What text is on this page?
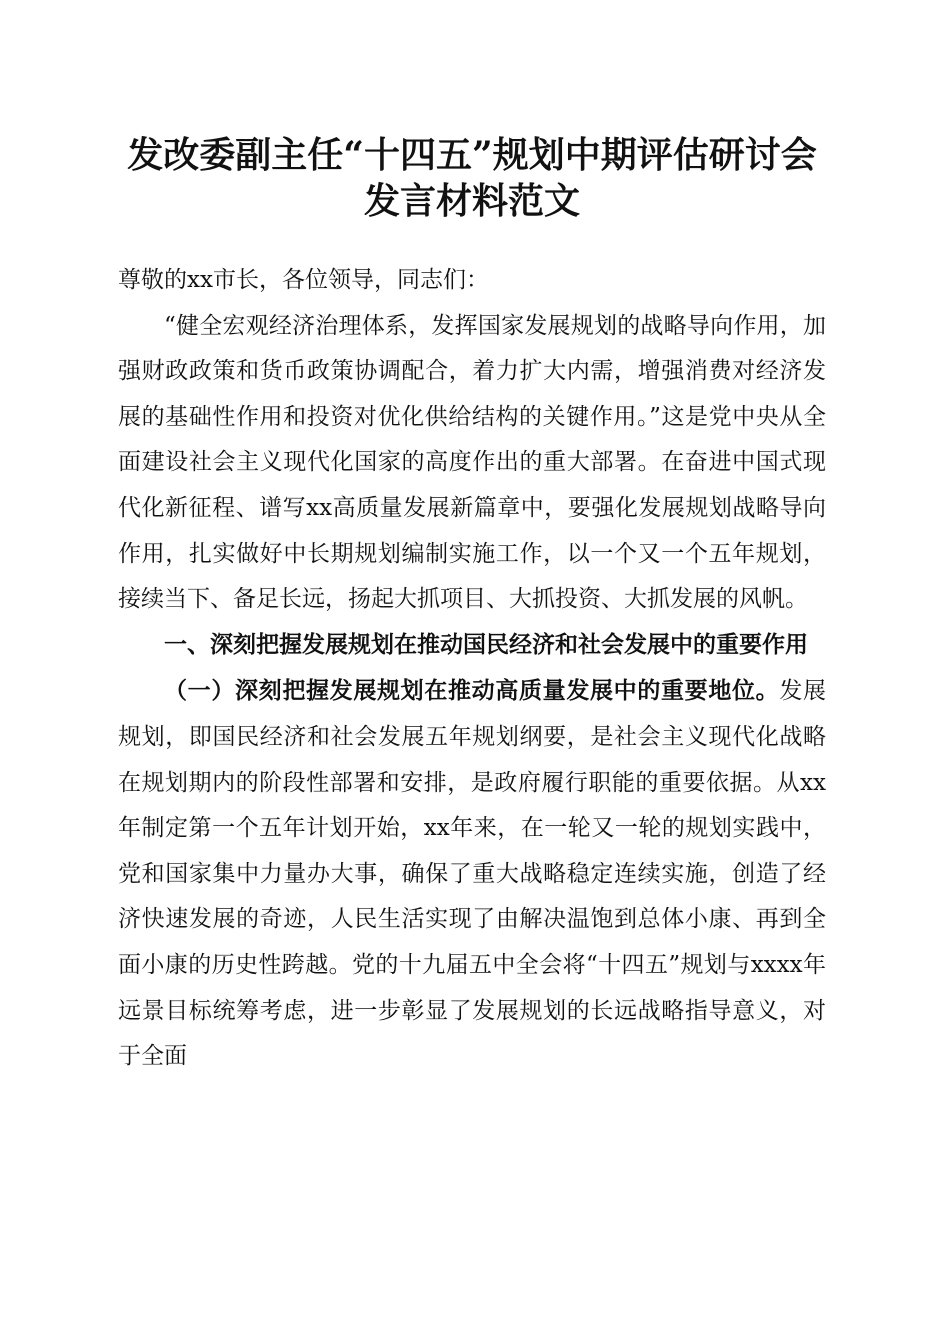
发改委副主任“十四五”规划中期评估研讨会
发言材料范文

尊敬的xx市长，各位领导，同志们：

“健全宏观经济治理体系，发挥国家发展规划的战略导向作用，加强财政政策和货币政策协调配合，着力扩大内需，增强消费对经济发展的基础性作用和投资对优化供给结构的关键作用。”这是党中央从全面建设社会主义现代化国家的高度作出的重大部署。在奋进中国式现代化新征程、谱写xx高质量发展新篇章中，要强化发展规划战略导向作用，扎实做好中长期规划编制实施工作，以一个又一个五年规划，接续当下、备足长远，扬起大抓项目、大抓投资、大抓发展的风帆。

一、深刻把握发展规划在推动国民经济和社会发展中的重要作用

（一）深刻把握发展规划在推动高质量发展中的重要地位。发展规划，即国民经济和社会发展五年规划纲要，是社会主义现代化战略在规划期内的阶段性部署和安排，是政府履行职能的重要依据。从xx年制定第一个五年计划开始，xx年来，在一轮又一轮的规划实践中，党和国家集中力量办大事，确保了重大战略稳定连续实施，创造了经济快速发展的奇迹，人民生活实现了由解决温饱到总体小康、再到全面小康的历史性跨越。党的十九届五中全会将“十四五”规划与xxxx年远景目标统筹考虑，进一步彰显了发展规划的长远战略指导意义，对于全面
